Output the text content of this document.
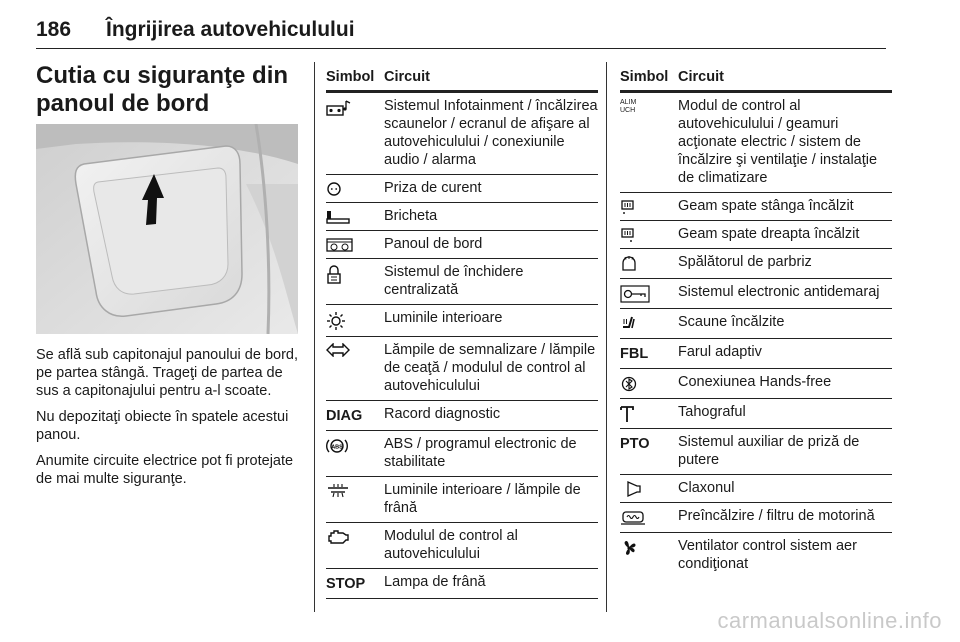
186 Îngrijirea autovehiculului
Cutia cu siguranţe din
panoul de bord

Se află sub capitonajul panoului de bord, pe partea stângă. Trageţi de partea de sus a capitonajului pentru a-l scoate.

Nu depozitaţi obiecte în spatele acestui panou.

Anumite circuite electrice pot fi protejate de mai multe siguranţe.

Simbol Circuit
Sistemul Infotainment / încălzirea scaunelor / ecranul de afişare al autovehiculului / conexiunile audio / alarma
Priza de curent
Bricheta
Panoul de bord
Sistemul de închidere centralizată
Luminile interioare
Lămpile de semnalizare / lămpile de ceaţă / modulul de control al autovehiculului
DIAG	Racord diagnostic
ABS	ABS / programul electronic de stabilitate
Luminile interioare / lămpile de frână
Modulul de control al autovehiculului
STOP	Lampa de frână
Simbol Circuit
ALIM UCH	Modul de control al autovehiculului / geamuri acţionate electric / sistem de încălzire şi ventilaţie / instalaţie de climatizare
Geam spate stânga încălzit
Geam spate dreapta încălzit
Spălătorul de parbriz
Sistemul electronic antidemaraj
Scaune încălzite
FBL	Farul adaptiv
Conexiunea Hands-free
Tahograful
PTO	Sistemul auxiliar de priză de putere
Claxonul
Preîncălzire / filtru de motorină
Ventilator control sistem aer condiţionat
carmanualsonline.info
